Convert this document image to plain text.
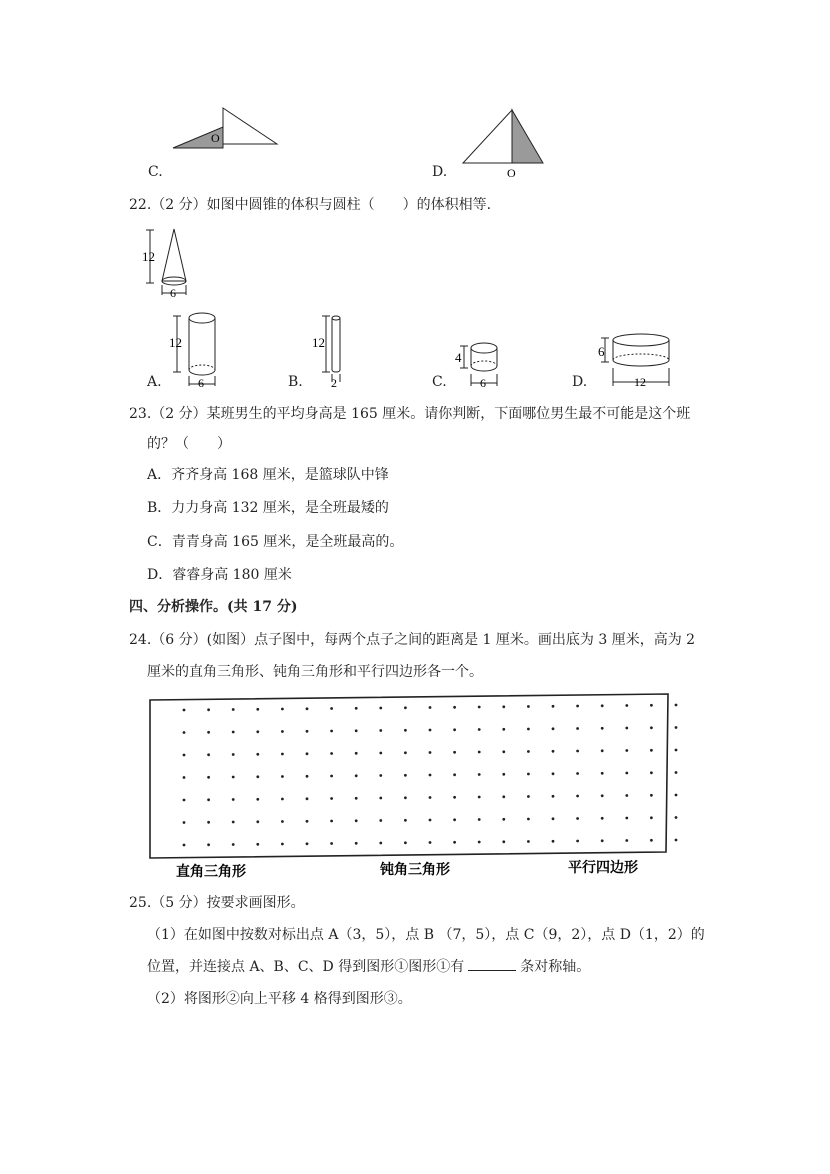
O
C.	O
D.
22.（2 分）如图中圆锥的体积与圆柱（　　）的体积相等.
12
6
12
6
A.
12
2
B.
4
6
C.
6
12
D.
23.（2 分）某班男生的平均身高是 165 厘米。请你判断，下面哪位男生最不可能是这个班
的？（　　）
A．齐齐身高 168 厘米，是篮球队中锋
B．力力身高 132 厘米，是全班最矮的
C．青青身高 165 厘米，是全班最高的。
D．睿睿身高 180 厘米
四、分析操作。(共 17 分)
24.（6 分）(如图）点子图中，每两个点子之间的距离是 1 厘米。画出底为 3 厘米，高为 2
厘米的直角三角形、钝角三角形和平行四边形各一个。
直角三角形	钝角三角形	平行四边形
25.（5 分）按要求画图形。
（1）在如图中按数对标出点 A（3，5），点 B （7，5），点 C（9，2），点 D（1，2）的
位置，并连接点 A、B、C、D 得到图形①图形①有	条对称轴。
（2）将图形②向上平移 4 格得到图形③。
